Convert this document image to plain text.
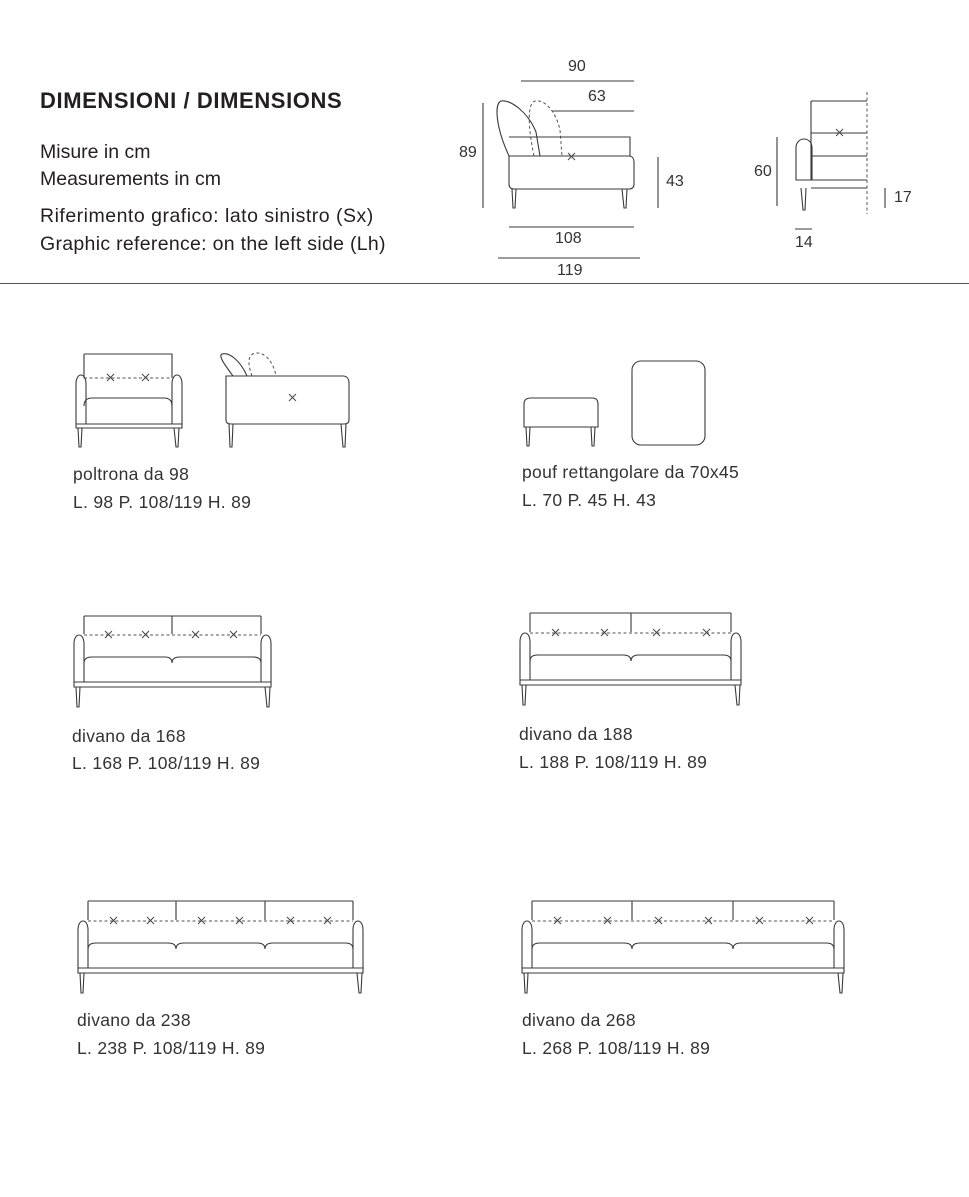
DIMENSIONI / DIMENSIONS
Misure in cm
Measurements in cm
Riferimento grafico: lato sinistro (Sx)
Graphic reference: on the left side (Lh)
90
63
89
43
108
119
60
17
14
poltrona da 98
L. 98 P. 108/119 H. 89
pouf rettangolare da 70x45
L. 70 P. 45 H. 43
divano da 168
L. 168 P. 108/119 H. 89
divano da 188
L. 188 P. 108/119 H. 89
divano da 238
L. 238 P. 108/119 H. 89
divano da 268
L. 268 P. 108/119 H. 89
